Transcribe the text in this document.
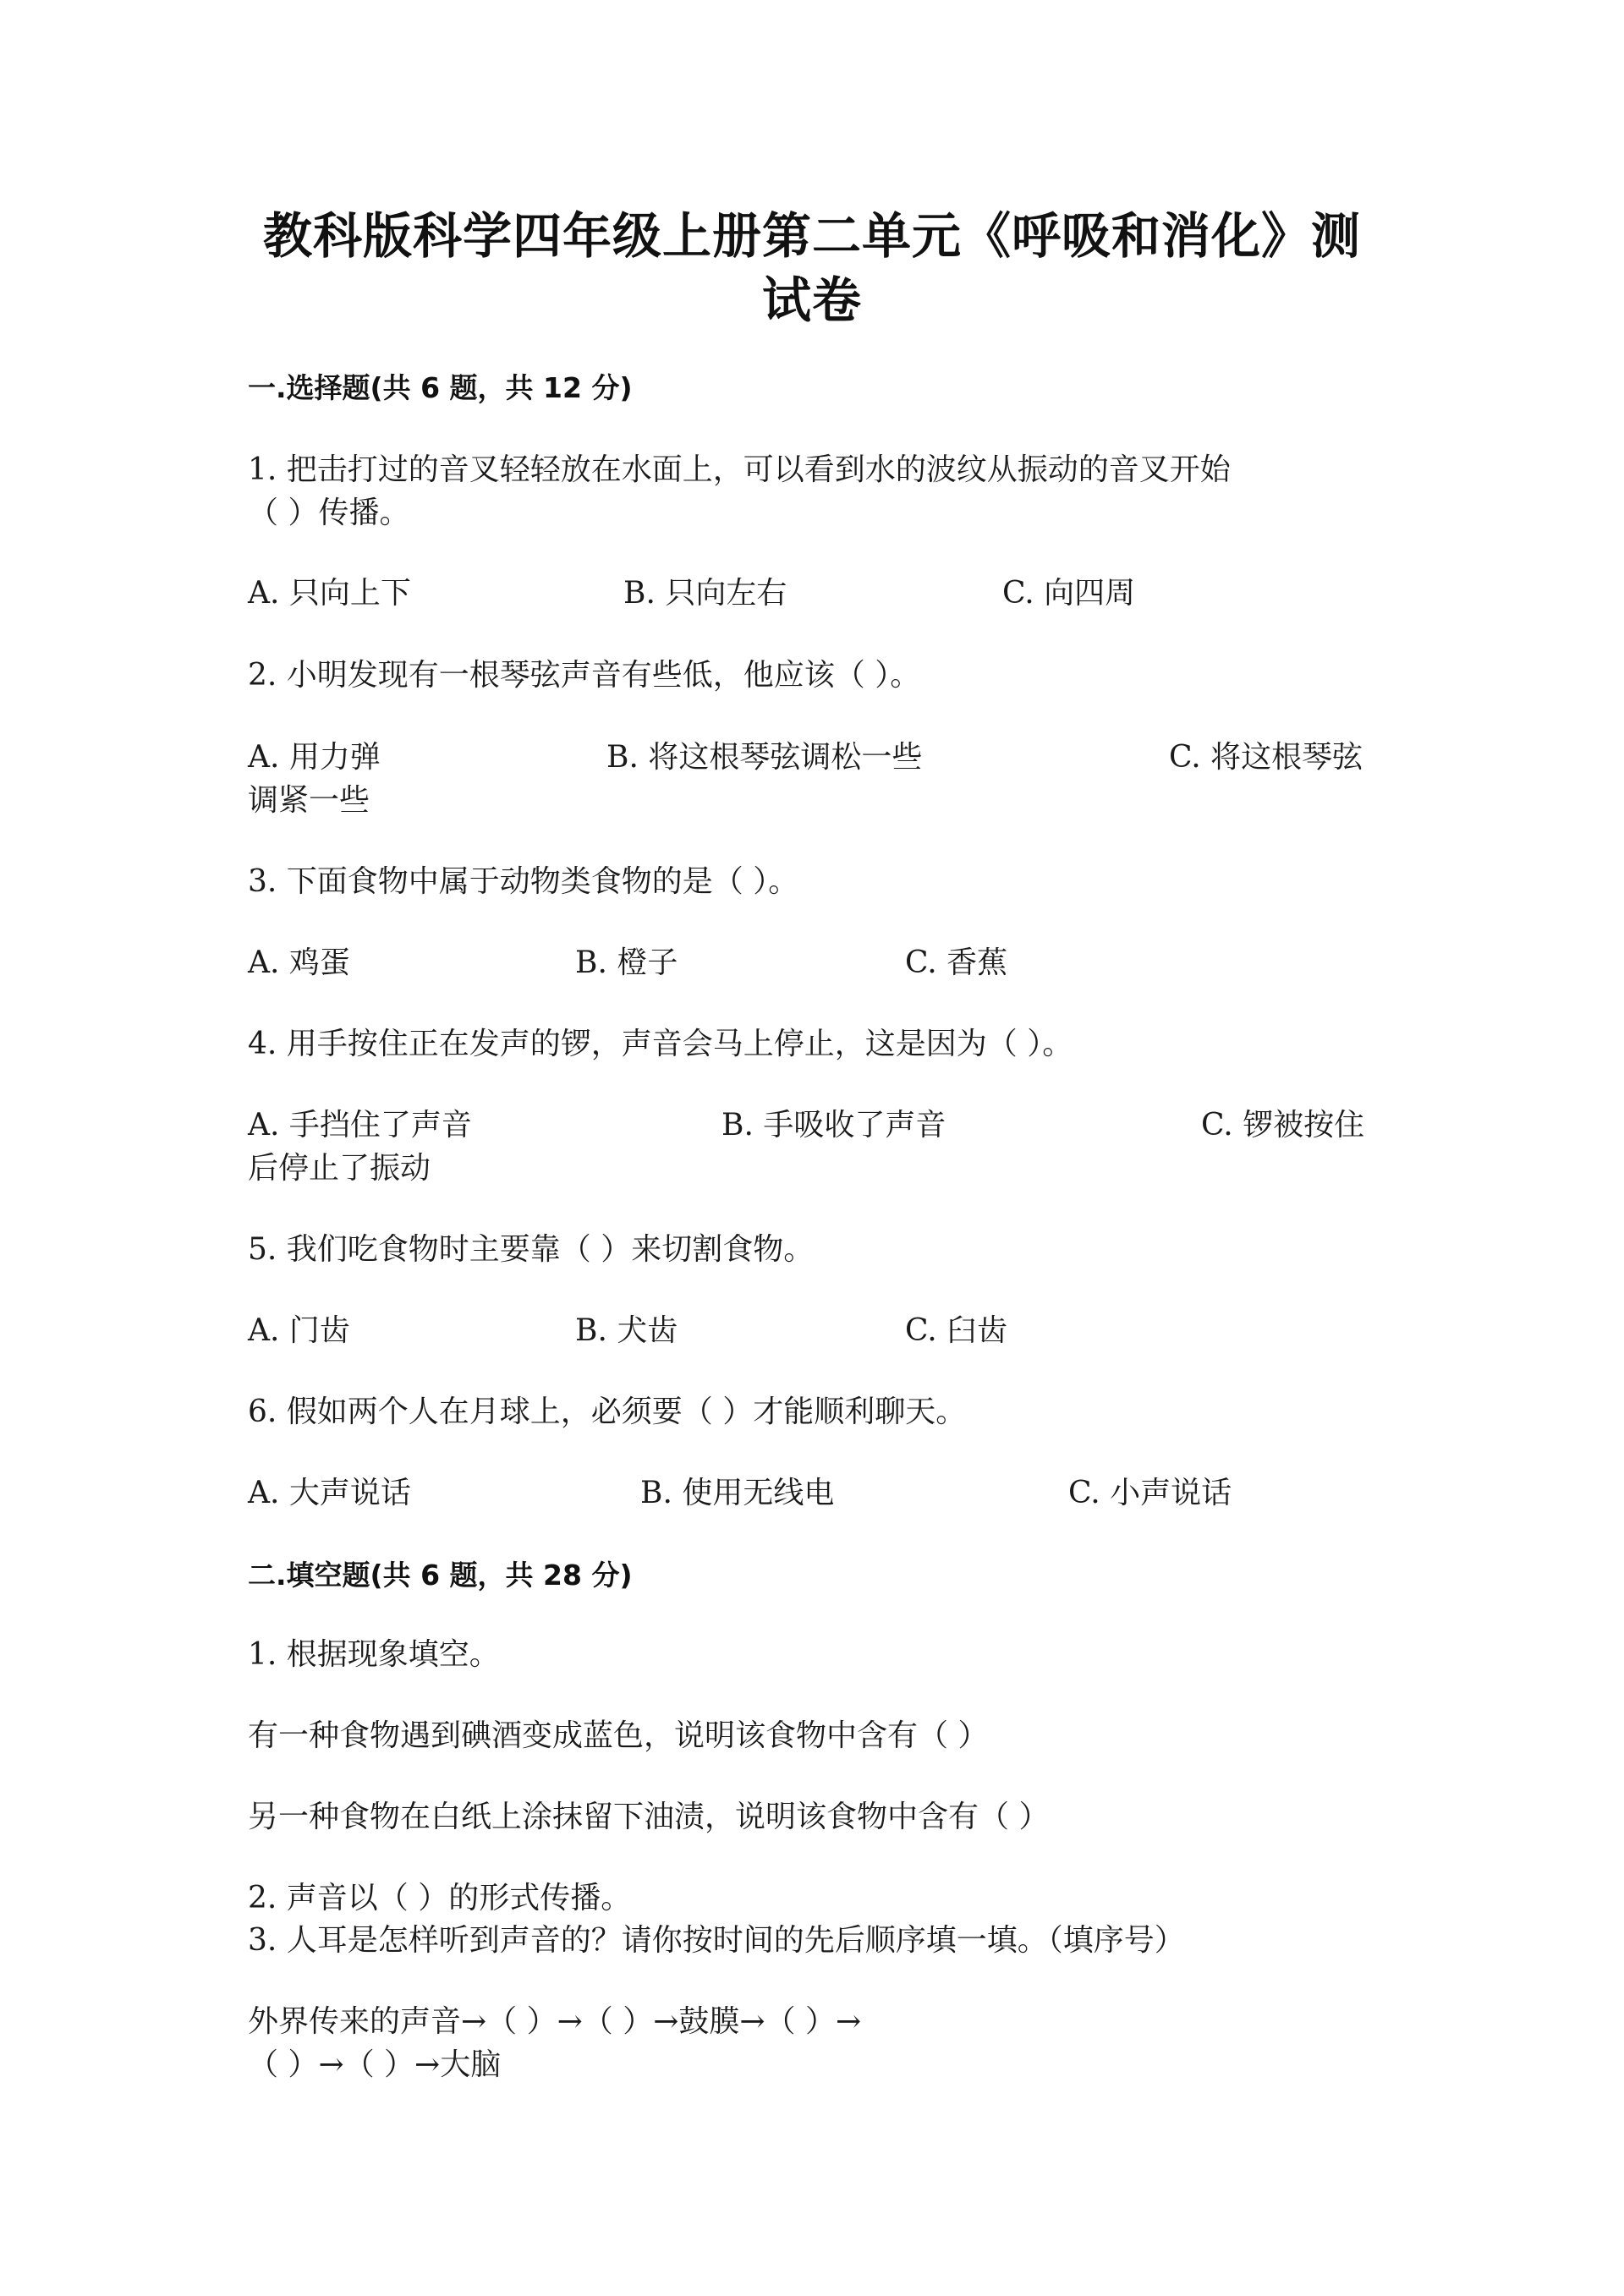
教科版科学四年级上册第二单元《呼吸和消化》测
试卷
一.选择题(共 6 题，共 12 分)
1. 把击打过的音叉轻轻放在水面上，可以看到水的波纹从振动的音叉开始
（ ）传播。
A. 只向上下	B. 只向左右	C. 向四周
2. 小明发现有一根琴弦声音有些低，他应该（ ）。
A. 用力弹	B. 将这根琴弦调松一些	C. 将这根琴弦
调紧一些
3. 下面食物中属于动物类食物的是（ ）。
A. 鸡蛋	B. 橙子	C. 香蕉
4. 用手按住正在发声的锣，声音会马上停止，这是因为（ ）。
A. 手挡住了声音	B. 手吸收了声音	C. 锣被按住
后停止了振动
5. 我们吃食物时主要靠（ ）来切割食物。
A. 门齿	B. 犬齿	C. 臼齿
6. 假如两个人在月球上，必须要（ ）才能顺利聊天。
A. 大声说话	B. 使用无线电	C. 小声说话
二.填空题(共 6 题，共 28 分)
1. 根据现象填空。
有一种食物遇到碘酒变成蓝色，说明该食物中含有（ ）
另一种食物在白纸上涂抹留下油渍，说明该食物中含有（ ）
2. 声音以（ ）的形式传播。
3. 人耳是怎样听到声音的？请你按时间的先后顺序填一填。（填序号）
外界传来的声音→（ ）→（ ）→鼓膜→（ ）→
（ ）→（ ）→大脑
